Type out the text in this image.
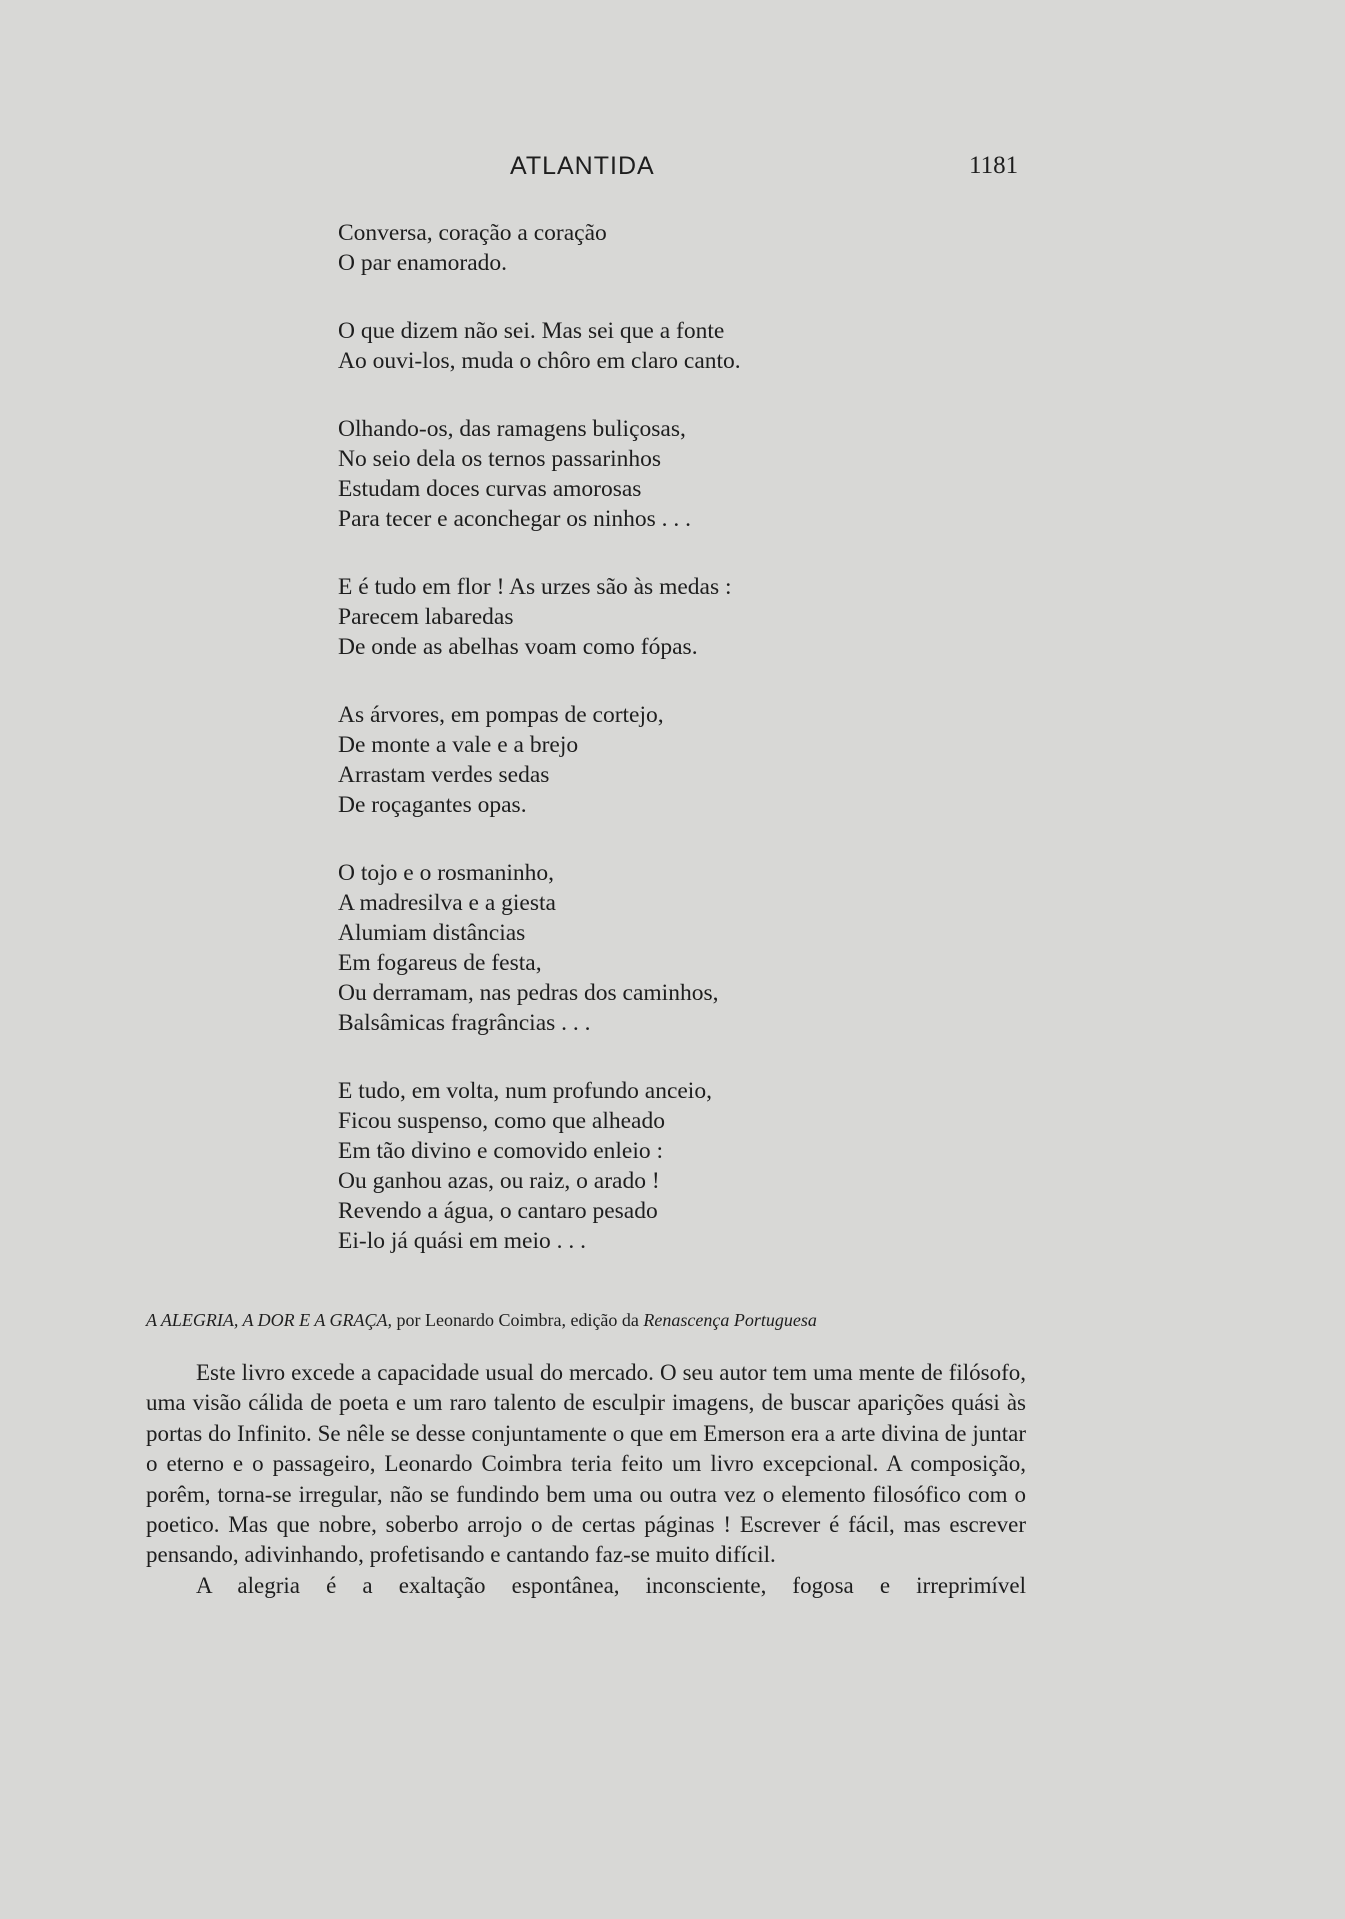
ATLANTIDA	1181
Conversa, coração a coração
O par enamorado.
O que dizem não sei. Mas sei que a fonte
Ao ouvi-los, muda o chôro em claro canto.
Olhando-os, das ramagens buliçosas,
No seio dela os ternos passarinhos
Estudam doces curvas amorosas
Para tecer e aconchegar os ninhos . . .
E é tudo em flor ! As urzes são às medas :
Parecem labaredas
De onde as abelhas voam como fópas.
As árvores, em pompas de cortejo,
De monte a vale e a brejo
Arrastam verdes sedas
De roçagantes opas.
O tojo e o rosmaninho,
A madresilva e a giesta
Alumiam distâncias
Em fogareus de festa,
Ou derramam, nas pedras dos caminhos,
Balsâmicas fragrâncias . . .
E tudo, em volta, num profundo anceio,
Ficou suspenso, como que alheado
Em tão divino e comovido enleio :
Ou ganhou azas, ou raiz, o arado !
Revendo a água, o cantaro pesado
Ei-lo já quási em meio . . .
A ALEGRIA, A DOR E A GRAÇA, por Leonardo Coimbra, edição da Renascença Portuguesa

Este livro excede a capacidade usual do mercado. O seu autor tem uma mente de filósofo, uma visão cálida de poeta e um raro talento de esculpir imagens, de buscar aparições quási às portas do Infinito. Se nêle se desse conjuntamente o que em Emerson era a arte divina de juntar o eterno e o passageiro, Leonardo Coimbra teria feito um livro excepcional. A composição, porêm, torna-se irregular, não se fundindo bem uma ou outra vez o elemento filosófico com o poetico. Mas que nobre, soberbo arrojo o de certas páginas ! Escrever é fácil, mas escrever pensando, adivinhando, profetisando e cantando faz-se muito difícil.

A alegria é a exaltação espontânea, inconsciente, fogosa e irreprimível
